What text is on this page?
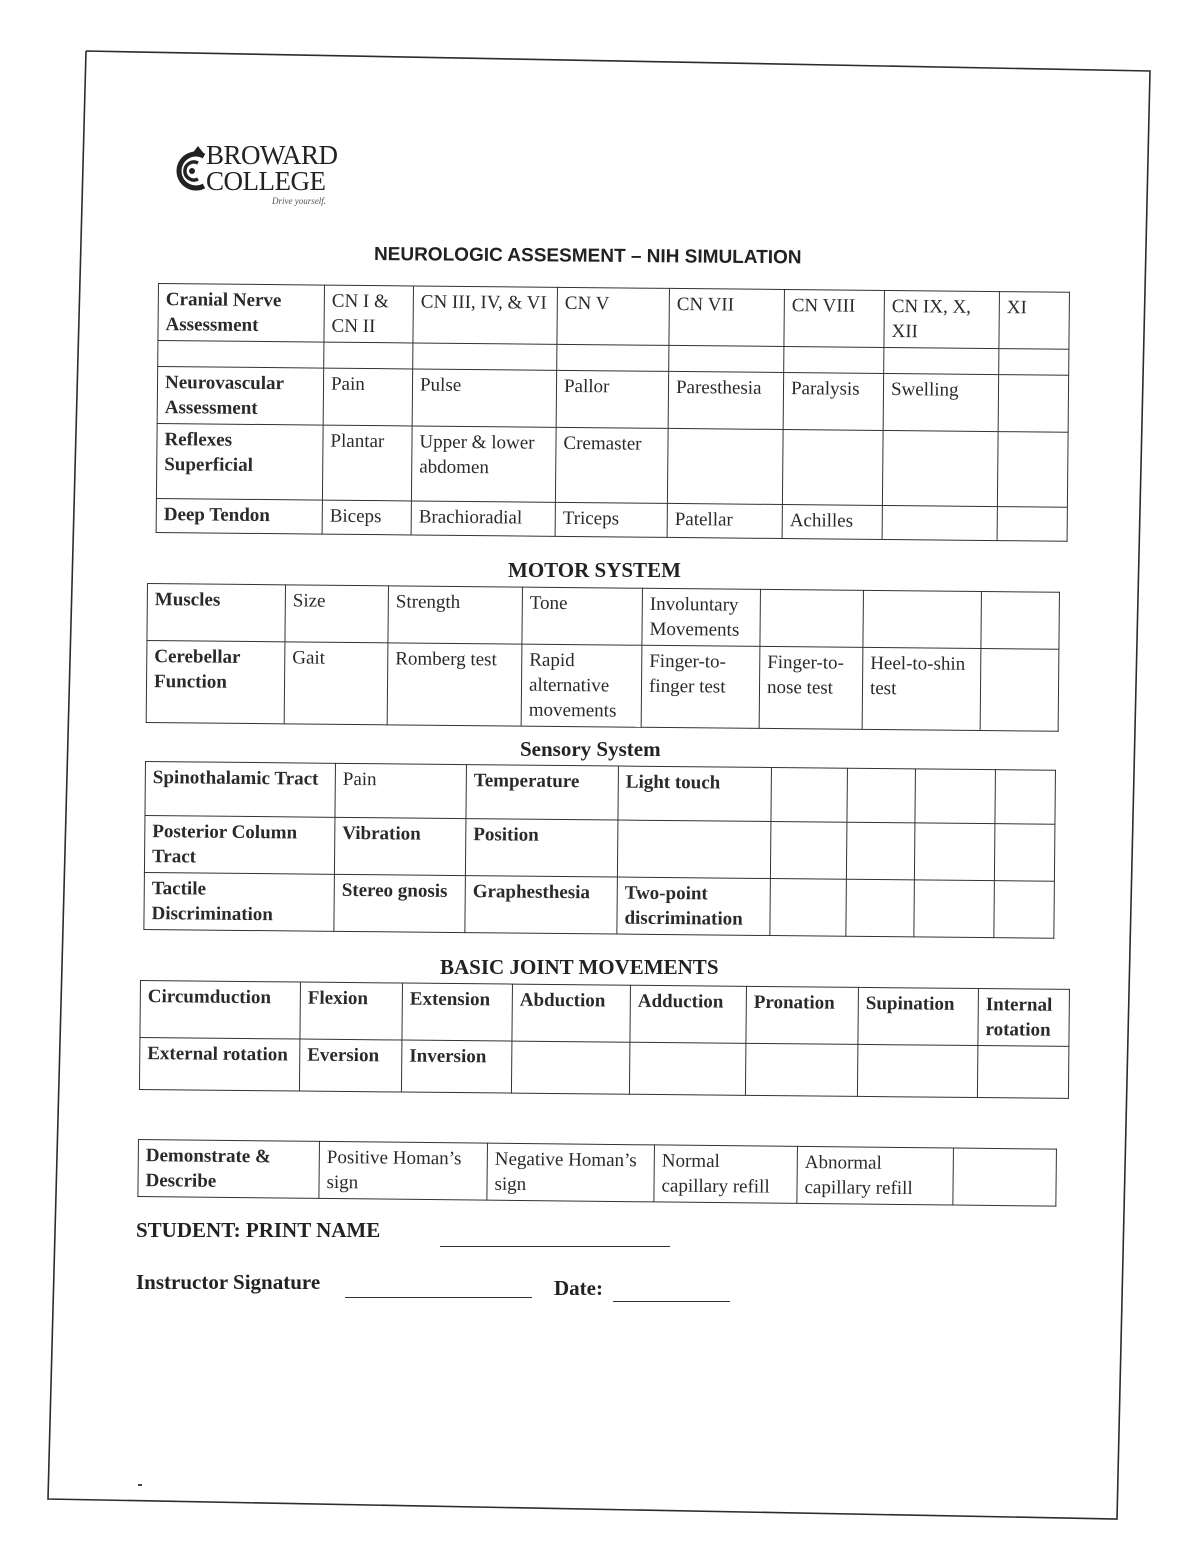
BROWARD
COLLEGE
Drive yourself.
NEUROLOGIC ASSESMENT – NIH SIMULATION
Cranial Nerve Assessment	CN I & CN II	CN III, IV, & VI	CN V	CN VII	CN VIII	CN IX, X, XII	XI

Neurovascular Assessment	Pain	Pulse	Pallor	Paresthesia	Paralysis	Swelling	
Reflexes Superficial	Plantar	Upper & lower abdomen	Cremaster				
Deep Tendon	Biceps	Brachioradial	Triceps	Patellar	Achilles		
MOTOR SYSTEM
Muscles	Size	Strength	Tone	Involuntary Movements			
Cerebellar Function	Gait	Romberg test	Rapid alternative movements	Finger-to-finger test	Finger-to-nose test	Heel-to-shin test	
Sensory System
Spinothalamic Tract	Pain	Temperature	Light touch				
Posterior Column Tract	Vibration	Position					
Tactile Discrimination	Stereo gnosis	Graphesthesia	Two-point discrimination				
BASIC JOINT MOVEMENTS
Circumduction	Flexion	Extension	Abduction	Adduction	Pronation	Supination	Internal rotation
External rotation	Eversion	Inversion					
Demonstrate & Describe	Positive Homan’s sign	Negative Homan’s sign	Normal capillary refill	Abnormal capillary refill	
STUDENT: PRINT NAME
Instructor Signature	Date:
